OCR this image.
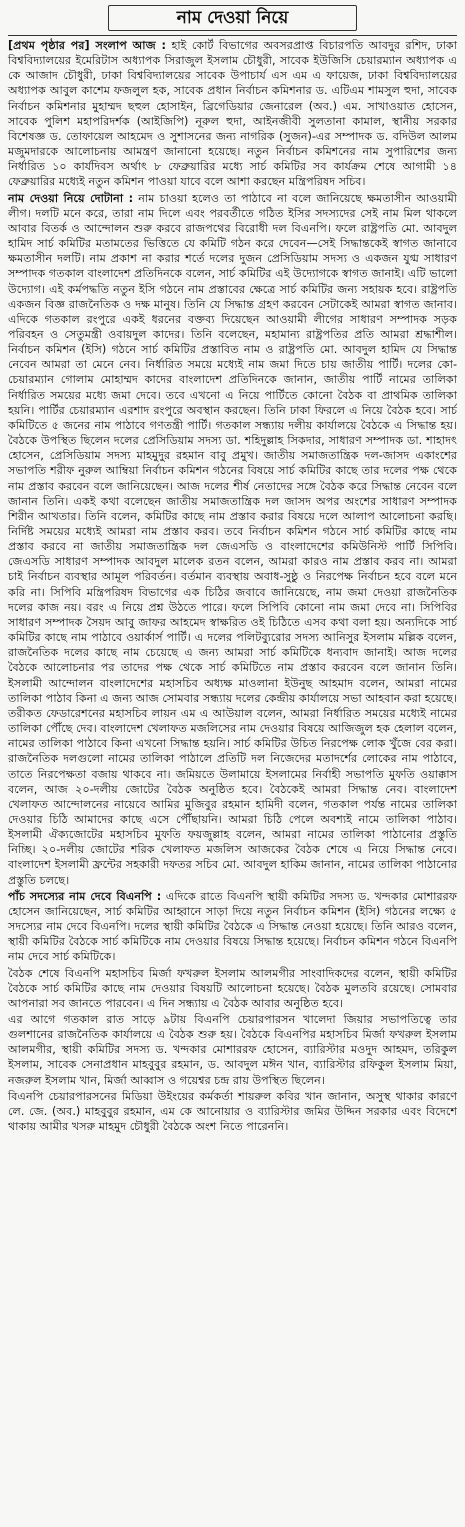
নাম দেওয়া নিয়ে

[প্রথম পৃষ্ঠার পর] সংলাপ আজ : হাই কোর্ট বিভাগের অবসরপ্রাপ্ত বিচারপতি আবদুর রশিদ, ঢাকা বিশ্ববিদ্যালয়ের ইমেরিটাস অধ্যাপক সিরাজুল ইসলাম চৌধুরী, সাবেক ইউজিসি চেয়ারম্যান অধ্যাপক এ কে আজাদ চৌধুরী, ঢাকা বিশ্ববিদ্যালয়ের সাবেক উপাচার্য এস এম এ ফায়েজ, ঢাকা বিশ্ববিদ্যালয়ের অধ্যাপক আবুল কাশেম ফজলুল হক, সাবেক প্রধান নির্বাচন কমিশনার ড. এটিএম শামসুল হুদা, সাবেক নির্বাচন কমিশনার মুহাম্মদ ছহুল হোসাইন, ব্রিগেডিয়ার জেনারেল (অব.) এম. সাখাওয়াত হোসেন, সাবেক পুলিশ মহাপরিদর্শক (আইজিপি) নূরুল হুদা, আইনজীবী সুলতানা কামাল, স্থানীয় সরকার বিশেষজ্ঞ ড. তোফায়েল আহমেদ ও সুশাসনের জন্য নাগরিক (সুজন)-এর সম্পাদক ড. বদিউল আলম মজুমদারকে আলোচনায় আমন্ত্রণ জানানো হয়েছে। নতুন নির্বাচন কমিশনের নাম সুপারিশের জন্য নির্ধারিত ১০ কার্যদিবস অর্থাৎ ৮ ফেব্রুয়ারির মধ্যে সার্চ কমিটির সব কার্যক্রম শেষে আগামী ১৪ ফেব্রুয়ারির মধ্যেই নতুন কমিশন পাওয়া যাবে বলে আশা করছেন মন্ত্রিপরিষদ সচিব।

নাম দেওয়া নিয়ে দোটানা : নাম চাওয়া হলেও তা পাঠাবে না বলে জানিয়েছে ক্ষমতাসীন আওয়ামী লীগ। দলটি মনে করে, তারা নাম দিলে এবং পরবর্তীতে গঠিত ইসির সদস্যদের সেই নাম মিল থাকলে আবার বিতর্ক ও আন্দোলন শুরু করবে রাজপথের বিরোধী দল বিএনপি। ফলে রাষ্ট্রপতি মো. আবদুল হামিদ সার্চ কমিটির মতামতের ভিত্তিতে যে কমিটি গঠন করে দেবেন—সেই সিদ্ধান্তকেই স্বাগত জানাবে ক্ষমতাসীন দলটি। নাম প্রকাশ না করার শর্তে দলের দুজন প্রেসিডিয়াম সদস্য ও একজন যুগ্ম সাধারণ সম্পাদক গতকাল বাংলাদেশ প্রতিদিনকে বলেন, সার্চ কমিটির এই উদ্যোগকে স্বাগত জানাই। এটি ভালো উদ্যোগ। এই কর্মপদ্ধতি নতুন ইসি গঠনে নাম প্রস্তাবের ক্ষেত্রে সার্চ কমিটির জন্য সহায়ক হবে। রাষ্ট্রপতি একজন বিজ্ঞ রাজনৈতিক ও দক্ষ মানুষ। তিনি যে সিদ্ধান্ত গ্রহণ করবেন সেটাকেই আমরা স্বাগত জানাব। এদিকে গতকাল রংপুরে একই ধরনের বক্তব্য দিয়েছেন আওয়ামী লীগের সাধারণ সম্পাদক সড়ক পরিবহন ও সেতুমন্ত্রী ওবায়দুল কাদের। তিনি বলেছেন, মহামান্য রাষ্ট্রপতির প্রতি আমরা শ্রদ্ধাশীল। নির্বাচন কমিশন (ইসি) গঠনে সার্চ কমিটির প্রস্তাবিত নাম ও রাষ্ট্রপতি মো. আবদুল হামিদ যে সিদ্ধান্ত নেবেন আমরা তা মেনে নেব। নির্ধারিত সময়ে মধ্যেই নাম জমা দিতে চায় জাতীয় পার্টি। দলের কো-চেয়ারম্যান গোলাম মোহাম্মদ কাদের বাংলাদেশ প্রতিদিনকে জানান, জাতীয় পার্টি নামের তালিকা নির্ধারিত সময়ের মধ্যে জমা দেবে। তবে এখনো এ নিয়ে পার্টিতে কোনো বৈঠক বা প্রাথমিক তালিকা হয়নি। পার্টির চেয়ারম্যান এরশাদ রংপুরে অবস্থান করছেন। তিনি ঢাকা ফিরলে এ নিয়ে বৈঠক হবে। সার্চ কমিটিতে ৫ জনের নাম পাঠাবে গণতন্ত্রী পার্টি। গতকাল সন্ধ্যায় দলীয় কার্যালয়ে বৈঠকে এ সিদ্ধান্ত হয়। বৈঠকে উপস্থিত ছিলেন দলের প্রেসিডিয়াম সদস্য ডা. শহিদুল্লাহ সিকদার, সাধারণ সম্পাদক ডা. শাহাদৎ হোসেন, প্রেসিডিয়াম সদস্য মাহমুদুর রহমান বাবু প্রমুখ। জাতীয় সমাজতান্ত্রিক দল-জাসদ একাংশের সভাপতি শরীফ নুরুল আম্বিয়া নির্বাচন কমিশন গঠনের বিষয়ে সার্চ কমিটির কাছে তার দলের পক্ষ থেকে নাম প্রস্তাব করবেন বলে জানিয়েছেন। আজ দলের শীর্ষ নেতাদের সঙ্গে বৈঠক করে সিদ্ধান্ত নেবেন বলে জানান তিনি। একই কথা বলেছেন জাতীয় সমাজতান্ত্রিক দল জাসদ অপর অংশের সাধারণ সম্পাদক শিরীন আখতার। তিনি বলেন, কমিটির কাছে নাম প্রস্তাব করার বিষয়ে দলে আলাপ আলোচনা করছি। নির্দিষ্ট সময়ের মধ্যেই আমরা নাম প্রস্তাব করব। তবে নির্বাচন কমিশন গঠনে সার্চ কমিটির কাছে নাম প্রস্তাব করবে না জাতীয় সমাজতান্ত্রিক দল জেএসডি ও বাংলাদেশের কমিউনিস্ট পার্টি সিপিবি। জেএসডি সাধারণ সম্পাদক আবদুল মালেক রতন বলেন, আমরা কারও নাম প্রস্তাব করব না। আমরা চাই নির্বাচন ব্যবস্থার আমূল পরিবর্তন। বর্তমান ব্যবস্থায় অবাধ-সুষ্ঠু ও নিরপেক্ষ নির্বাচন হবে বলে মনে করি না। সিপিবি মন্ত্রিপরিষদ বিভাগের এক চিঠির জবাবে জানিয়েছে, নাম জমা দেওয়া রাজনৈতিক দলের কাজ নয়। বরং এ নিয়ে প্রশ্ন উঠতে পারে। ফলে সিপিবি কোনো নাম জমা দেবে না। সিপিবির সাধারণ সম্পাদক সৈয়দ আবু জাফর আহমেদ স্বাক্ষরিত ওই চিঠিতে এসব কথা বলা হয়। অন্যদিকে সার্চ কমিটির কাছে নাম পাঠাবে ওয়ার্কার্স পার্টি। এ দলের পলিটব্যুরোর সদস্য আনিসুর ইসলাম মল্লিক বলেন, রাজনৈতিক দলের কাছে নাম চেয়েছে এ জন্য আমরা সার্চ কমিটিকে ধন্যবাদ জানাই। আজ দলের বৈঠকে আলোচনার পর তাদের পক্ষ থেকে সার্চ কমিটিতে নাম প্রস্তাব করবেন বলে জানান তিনি। ইসলামী আন্দোলন বাংলাদেশের মহাসচিব অধ্যক্ষ মাওলানা ইউনুছ আহমাদ বলেন, আমরা নামের তালিকা পাঠাব কিনা এ জন্য আজ সোমবার সন্ধ্যায় দলের কেন্দ্রীয় কার্যালয়ে সভা আহবান করা হয়েছে। তরীকত ফেডারেশনের মহাসচিব লায়ন এম এ আউয়াল বলেন, আমরা নির্ধারিত সময়ের মধ্যেই নামের তালিকা পৌঁছে দেব। বাংলাদেশ খেলাফত মজলিসের নাম দেওয়ার বিষয়ে আজিজুল হক হেলাল বলেন, নামের তালিকা পাঠাবে কিনা এখনো সিদ্ধান্ত হয়নি। সার্চ কমিটির উচিত নিরপেক্ষ লোক খুঁজে বের করা। রাজনৈতিক দলগুলো নামের তালিকা পাঠালে প্রতিটি দল নিজেদের মতাদর্শের লোকের নাম পাঠাবে, তাতে নিরপেক্ষতা বজায় থাকবে না। জমিয়তে উলামায়ে ইসলামের নির্বাহী সভাপতি মুফতি ওয়াক্কাস বলেন, আজ ২০-দলীয় জোটের বৈঠক অনুষ্ঠিত হবে। বৈঠকেই আমরা সিদ্ধান্ত নেব। বাংলাদেশ খেলাফত আন্দোলনের নায়েবে আমির মুজিবুর রহমান হামিদী বলেন, গতকাল পর্যন্ত নামের তালিকা দেওয়ার চিঠি আমাদের কাছে এসে পৌঁছায়নি। আমরা চিঠি পেলে অবশ্যই নামে তালিকা পাঠাব। ইসলামী ঐক্যজোটের মহাসচিব মুফতি ফয়জুল্লাহ বলেন, আমরা নামের তালিকা পাঠানোর প্রস্তুতি নিচ্ছি। ২০-দলীয় জোটের শরিক খেলাফত মজলিস আজকের বৈঠক শেষে এ নিয়ে সিদ্ধান্ত নেবে। বাংলাদেশ ইসলামী ফ্রন্টের সহকারী দফতর সচিব মো. আবদুল হাকিম জানান, নামের তালিকা পাঠানোর প্রস্তুতি চলছে।

পাঁচ সদস্যের নাম দেবে বিএনপি : এদিকে রাতে বিএনপি স্থায়ী কমিটির সদস্য ড. খন্দকার মোশাররফ হোসেন জানিয়েছেন, সার্চ কমিটির আহ্বানে সাড়া দিয়ে নতুন নির্বাচন কমিশন (ইসি) গঠনের লক্ষ্যে ৫ সদস্যের নাম দেবে বিএনপি। দলের স্থায়ী কমিটির বৈঠকে এ সিদ্ধান্ত নেওয়া হয়েছে। তিনি আরও বলেন, স্থায়ী কমিটির বৈঠকে সার্চ কমিটিকে নাম দেওয়ার বিষয়ে সিদ্ধান্ত হয়েছে। নির্বাচন কমিশন গঠনে বিএনপি নাম দেবে সার্চ কমিটিকে।

বৈঠক শেষে বিএনপি মহাসচিব মির্জা ফখরুল ইসলাম আলমগীর সাংবাদিকদের বলেন, স্থায়ী কমিটির বৈঠকে সার্চ কমিটির কাছে নাম দেওয়ার বিষয়টি আলোচনা হয়েছে। বৈঠক মুলতবি রয়েছে। সোমবার আপনারা সব জানতে পারবেন। এ দিন সন্ধ্যায় এ বৈঠক আবার অনুষ্ঠিত হবে।

এর আগে গতকাল রাত সাড়ে ৯টায় বিএনপি চেয়ারপারসন খালেদা জিয়ার সভাপতিত্বে তার গুলশানের রাজনৈতিক কার্যালয়ে এ বৈঠক শুরু হয়। বৈঠকে বিএনপির মহাসচিব মির্জা ফখরুল ইসলাম আলমগীর, স্থায়ী কমিটির সদস্য ড. খন্দকার মোশাররফ হোসেন, ব্যারিস্টার মওদুদ আহমদ, তরিকুল ইসলাম, সাবেক সেনাপ্রধান মাহবুবুর রহমান, ড. আবদুল মঈন খান, ব্যারিস্টার রফিকুল ইসলাম মিয়া, নজরুল ইসলাম খান, মির্জা আব্বাস ও গয়েশ্বর চন্দ্র রায় উপস্থিত ছিলেন।

বিএনপি চেয়ারপারসনের মিডিয়া উইংয়ের কর্মকর্তা শায়রুল কবির খান জানান, অসুস্থ থাকার কারণে লে. জে. (অব.) মাহবুবুর রহমান, এম কে আনোয়ার ও ব্যারিস্টার জমির উদ্দিন সরকার এবং বিদেশে থাকায় আমীর খসরু মাহমুদ চৌধুরী বৈঠকে অংশ নিতে পারেননি।
